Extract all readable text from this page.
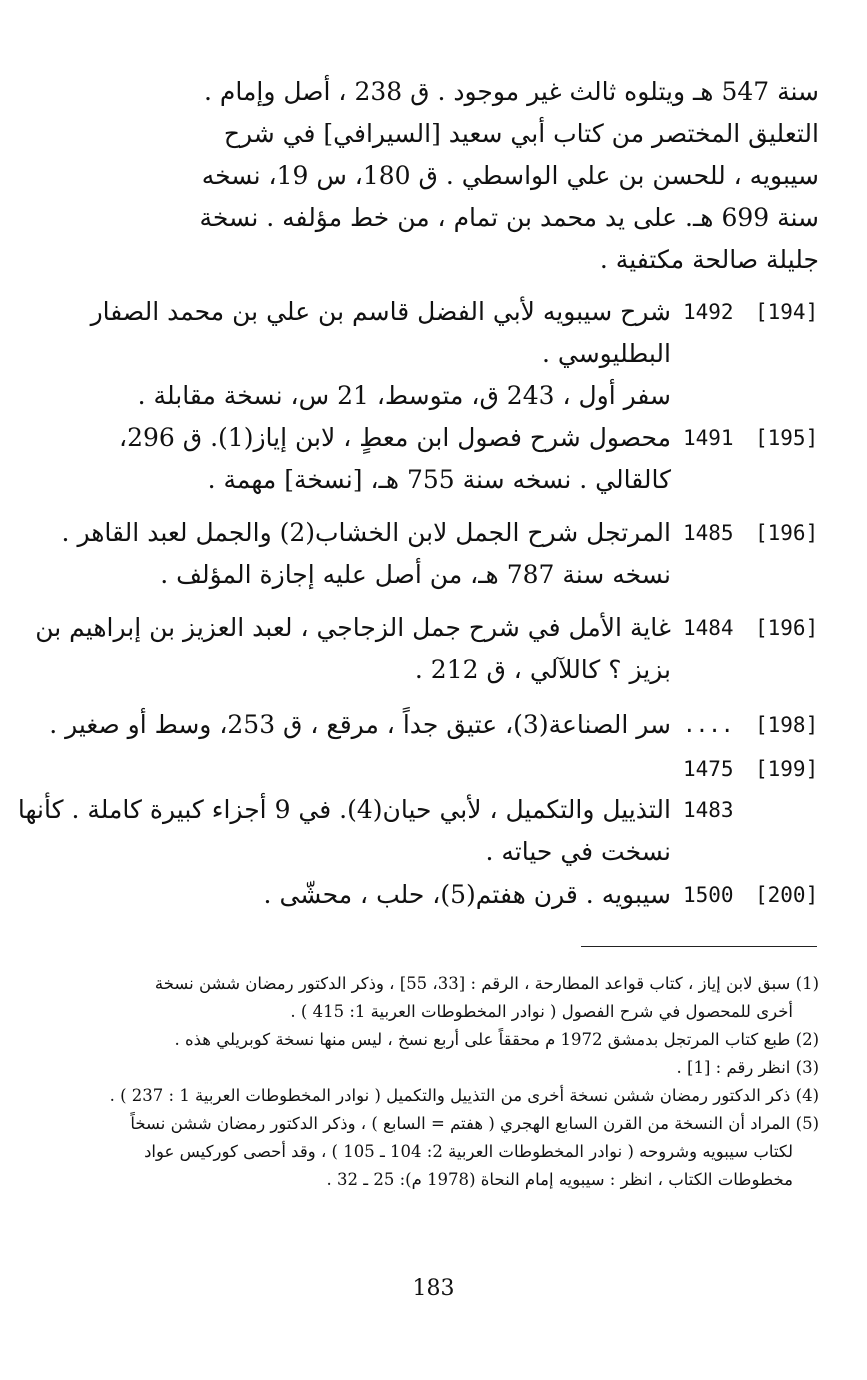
سنة 547 هـ ويتلوه ثالث غير موجود . ق 238 ، أصل وإمام .
التعليق المختصر من كتاب أبي سعيد [السيرافي] في شرح
سيبويه ، للحسن بن علي الواسطي . ق 180، س 19، نسخه
سنة 699 هـ. على يد محمد بن تمام ، من خط مؤلفه . نسخة
جليلة صالحة مكتفية .
[194]
1492
شرح سيبويه لأبي الفضل قاسم بن علي بن محمد الصفار
البطليوسي .
سفر أول ، 243 ق، متوسط، 21 س، نسخة مقابلة .
[195]
1491
محصول شرح فصول ابن معطٍ ، لابن إياز(1). ق 296،
كالقالي . نسخه سنة 755 هـ، [نسخة] مهمة .
[196]
1485
المرتجل شرح الجمل لابن الخشاب(2) والجمل لعبد القاهر .
نسخه سنة 787 هـ، من أصل عليه إجازة المؤلف .
[196]
1484
غاية الأمل في شرح جمل الزجاجي ، لعبد العزيز بن إبراهيم بن
بزيز ؟ كاللآلي ، ق 212 .
[198]
....
سر الصناعة(3)، عتيق جداً ، مرقع ، ق 253، وسط أو صغير .
[199]
1475
1483
التذييل والتكميل ، لأبي حيان(4). في 9 أجزاء كبيرة كاملة . كأنها
نسخت في حياته .
[200]
1500
سيبويه . قرن هفتم(5)، حلب ، محشّى .
(1) سبق لابن إياز ، كتاب قواعد المطارحة ، الرقم : [33، 55] ، وذكر الدكتور رمضان ششن نسخة
أخرى للمحصول في شرح الفصول ( نوادر المخطوطات العربية 1: 415 ) .
(2) طبع كتاب المرتجل بدمشق 1972 م محققاً على أربع نسخ ، ليس منها نسخة كوبريلي هذه .
(3) انظر رقم : [1] .
(4) ذكر الدكتور رمضان ششن نسخة أخرى من التذييل والتكميل ( نوادر المخطوطات العربية 1 : 237 ) .
(5) المراد أن النسخة من القرن السابع الهجري ( هفتم = السابع ) ، وذكر الدكتور رمضان ششن نسخاً
لكتاب سيبويه وشروحه ( نوادر المخطوطات العربية 2: 104 ـ 105 ) ، وقد أحصى كوركيس عواد
مخطوطات الكتاب ، انظر : سيبويه إمام النحاة (1978 م): 25 ـ 32 .
183
